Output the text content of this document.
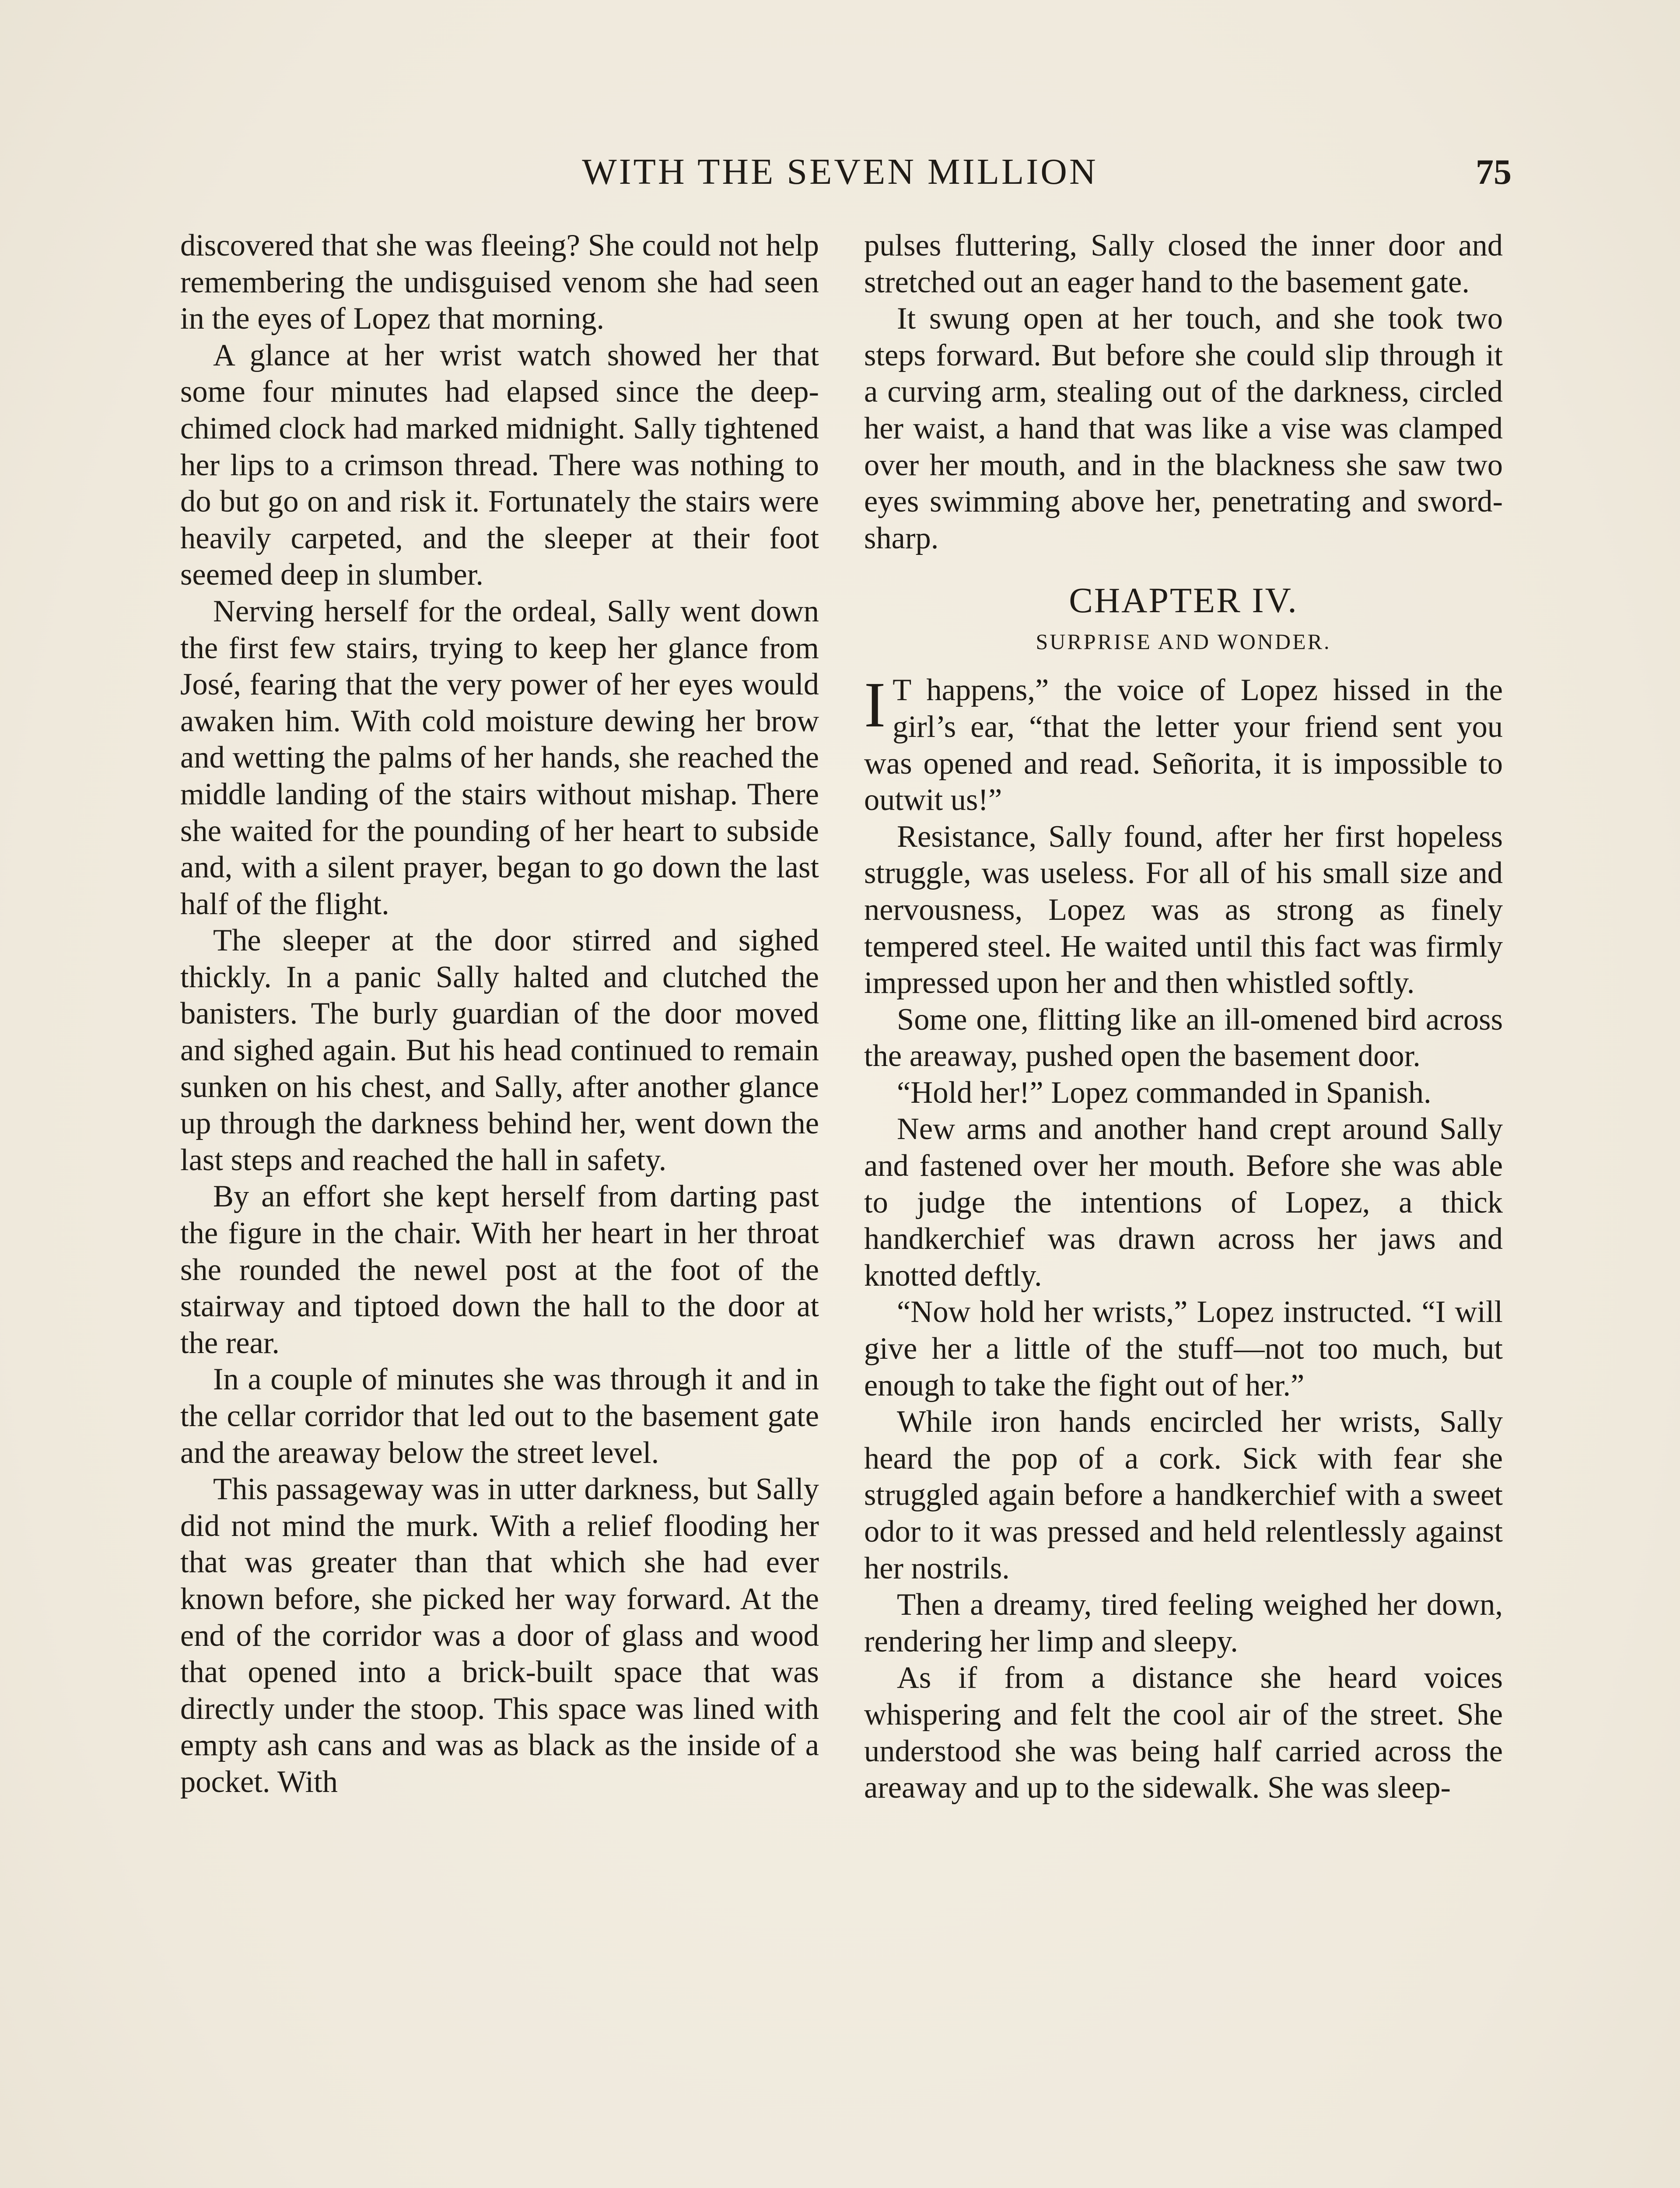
WITH THE SEVEN MILLION	75

discovered that she was fleeing? She could not help remembering the undisguised venom she had seen in the eyes of Lopez that morning.

A glance at her wrist watch showed her that some four minutes had elapsed since the deep-chimed clock had marked midnight. Sally tightened her lips to a crimson thread. There was nothing to do but go on and risk it. Fortunately the stairs were heavily carpeted, and the sleeper at their foot seemed deep in slumber.

Nerving herself for the ordeal, Sally went down the first few stairs, trying to keep her glance from José, fearing that the very power of her eyes would awaken him. With cold moisture dewing her brow and wetting the palms of her hands, she reached the middle landing of the stairs without mishap. There she waited for the pounding of her heart to subside and, with a silent prayer, began to go down the last half of the flight.

The sleeper at the door stirred and sighed thickly. In a panic Sally halted and clutched the banisters. The burly guardian of the door moved and sighed again. But his head continued to remain sunken on his chest, and Sally, after another glance up through the darkness behind her, went down the last steps and reached the hall in safety.

By an effort she kept herself from darting past the figure in the chair. With her heart in her throat she rounded the newel post at the foot of the stairway and tiptoed down the hall to the door at the rear.

In a couple of minutes she was through it and in the cellar corridor that led out to the basement gate and the areaway below the street level.

This passageway was in utter darkness, but Sally did not mind the murk. With a relief flooding her that was greater than that which she had ever known before, she picked her way forward. At the end of the corridor was a door of glass and wood that opened into a brick-built space that was directly under the stoop. This space was lined with empty ash cans and was as black as the inside of a pocket. With

pulses fluttering, Sally closed the inner door and stretched out an eager hand to the basement gate.

It swung open at her touch, and she took two steps forward. But before she could slip through it a curving arm, stealing out of the darkness, circled her waist, a hand that was like a vise was clamped over her mouth, and in the blackness she saw two eyes swimming above her, penetrating and sword-sharp.

CHAPTER IV.
SURPRISE AND WONDER.

I T happens,” the voice of Lopez hissed in the girl’s ear, “that the letter your friend sent you was opened and read. Señorita, it is impossible to outwit us!”

Resistance, Sally found, after her first hopeless struggle, was useless. For all of his small size and nervousness, Lopez was as strong as finely tempered steel. He waited until this fact was firmly impressed upon her and then whistled softly.

Some one, flitting like an ill-omened bird across the areaway, pushed open the basement door.

“Hold her!” Lopez commanded in Spanish.

New arms and another hand crept around Sally and fastened over her mouth. Before she was able to judge the intentions of Lopez, a thick handkerchief was drawn across her jaws and knotted deftly.

“Now hold her wrists,” Lopez instructed. “I will give her a little of the stuff—not too much, but enough to take the fight out of her.”

While iron hands encircled her wrists, Sally heard the pop of a cork. Sick with fear she struggled again before a handkerchief with a sweet odor to it was pressed and held relentlessly against her nostrils.

Then a dreamy, tired feeling weighed her down, rendering her limp and sleepy.

As if from a distance she heard voices whispering and felt the cool air of the street. She understood she was being half carried across the areaway and up to the sidewalk. She was sleep-
